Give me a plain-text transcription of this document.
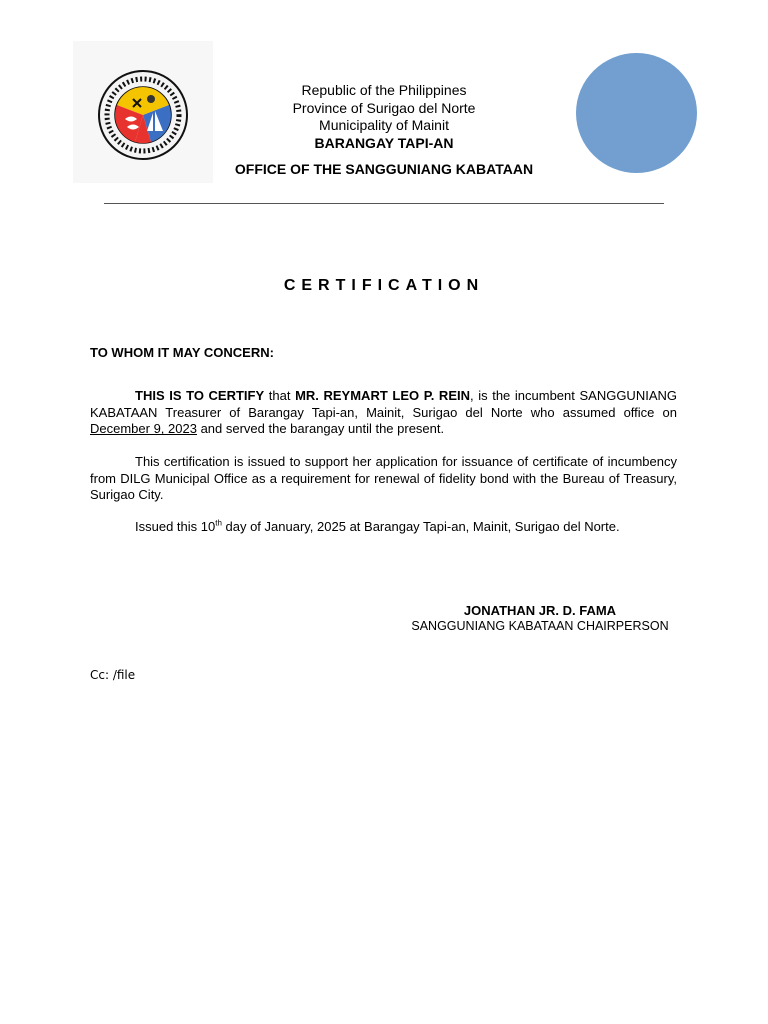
Republic of the Philippines
Province of Surigao del Norte
Municipality of Mainit
BARANGAY TAPI-AN
OFFICE OF THE SANGGUNIANG KABATAAN
CERTIFICATION
TO WHOM IT MAY CONCERN:
THIS IS TO CERTIFY that MR. REYMART LEO P. REIN, is the incumbent SANGGUNIANG KABATAAN Treasurer of Barangay Tapi-an, Mainit, Surigao del Norte who assumed office on December 9, 2023 and served the barangay until the present.
This certification is issued to support her application for issuance of certificate of incumbency from DILG Municipal Office as a requirement for renewal of fidelity bond with the Bureau of Treasury, Surigao City.
Issued this 10th day of January, 2025 at Barangay Tapi-an, Mainit, Surigao del Norte.
JONATHAN JR. D. FAMA
SANGGUNIANG KABATAAN CHAIRPERSON
Cc: /file
